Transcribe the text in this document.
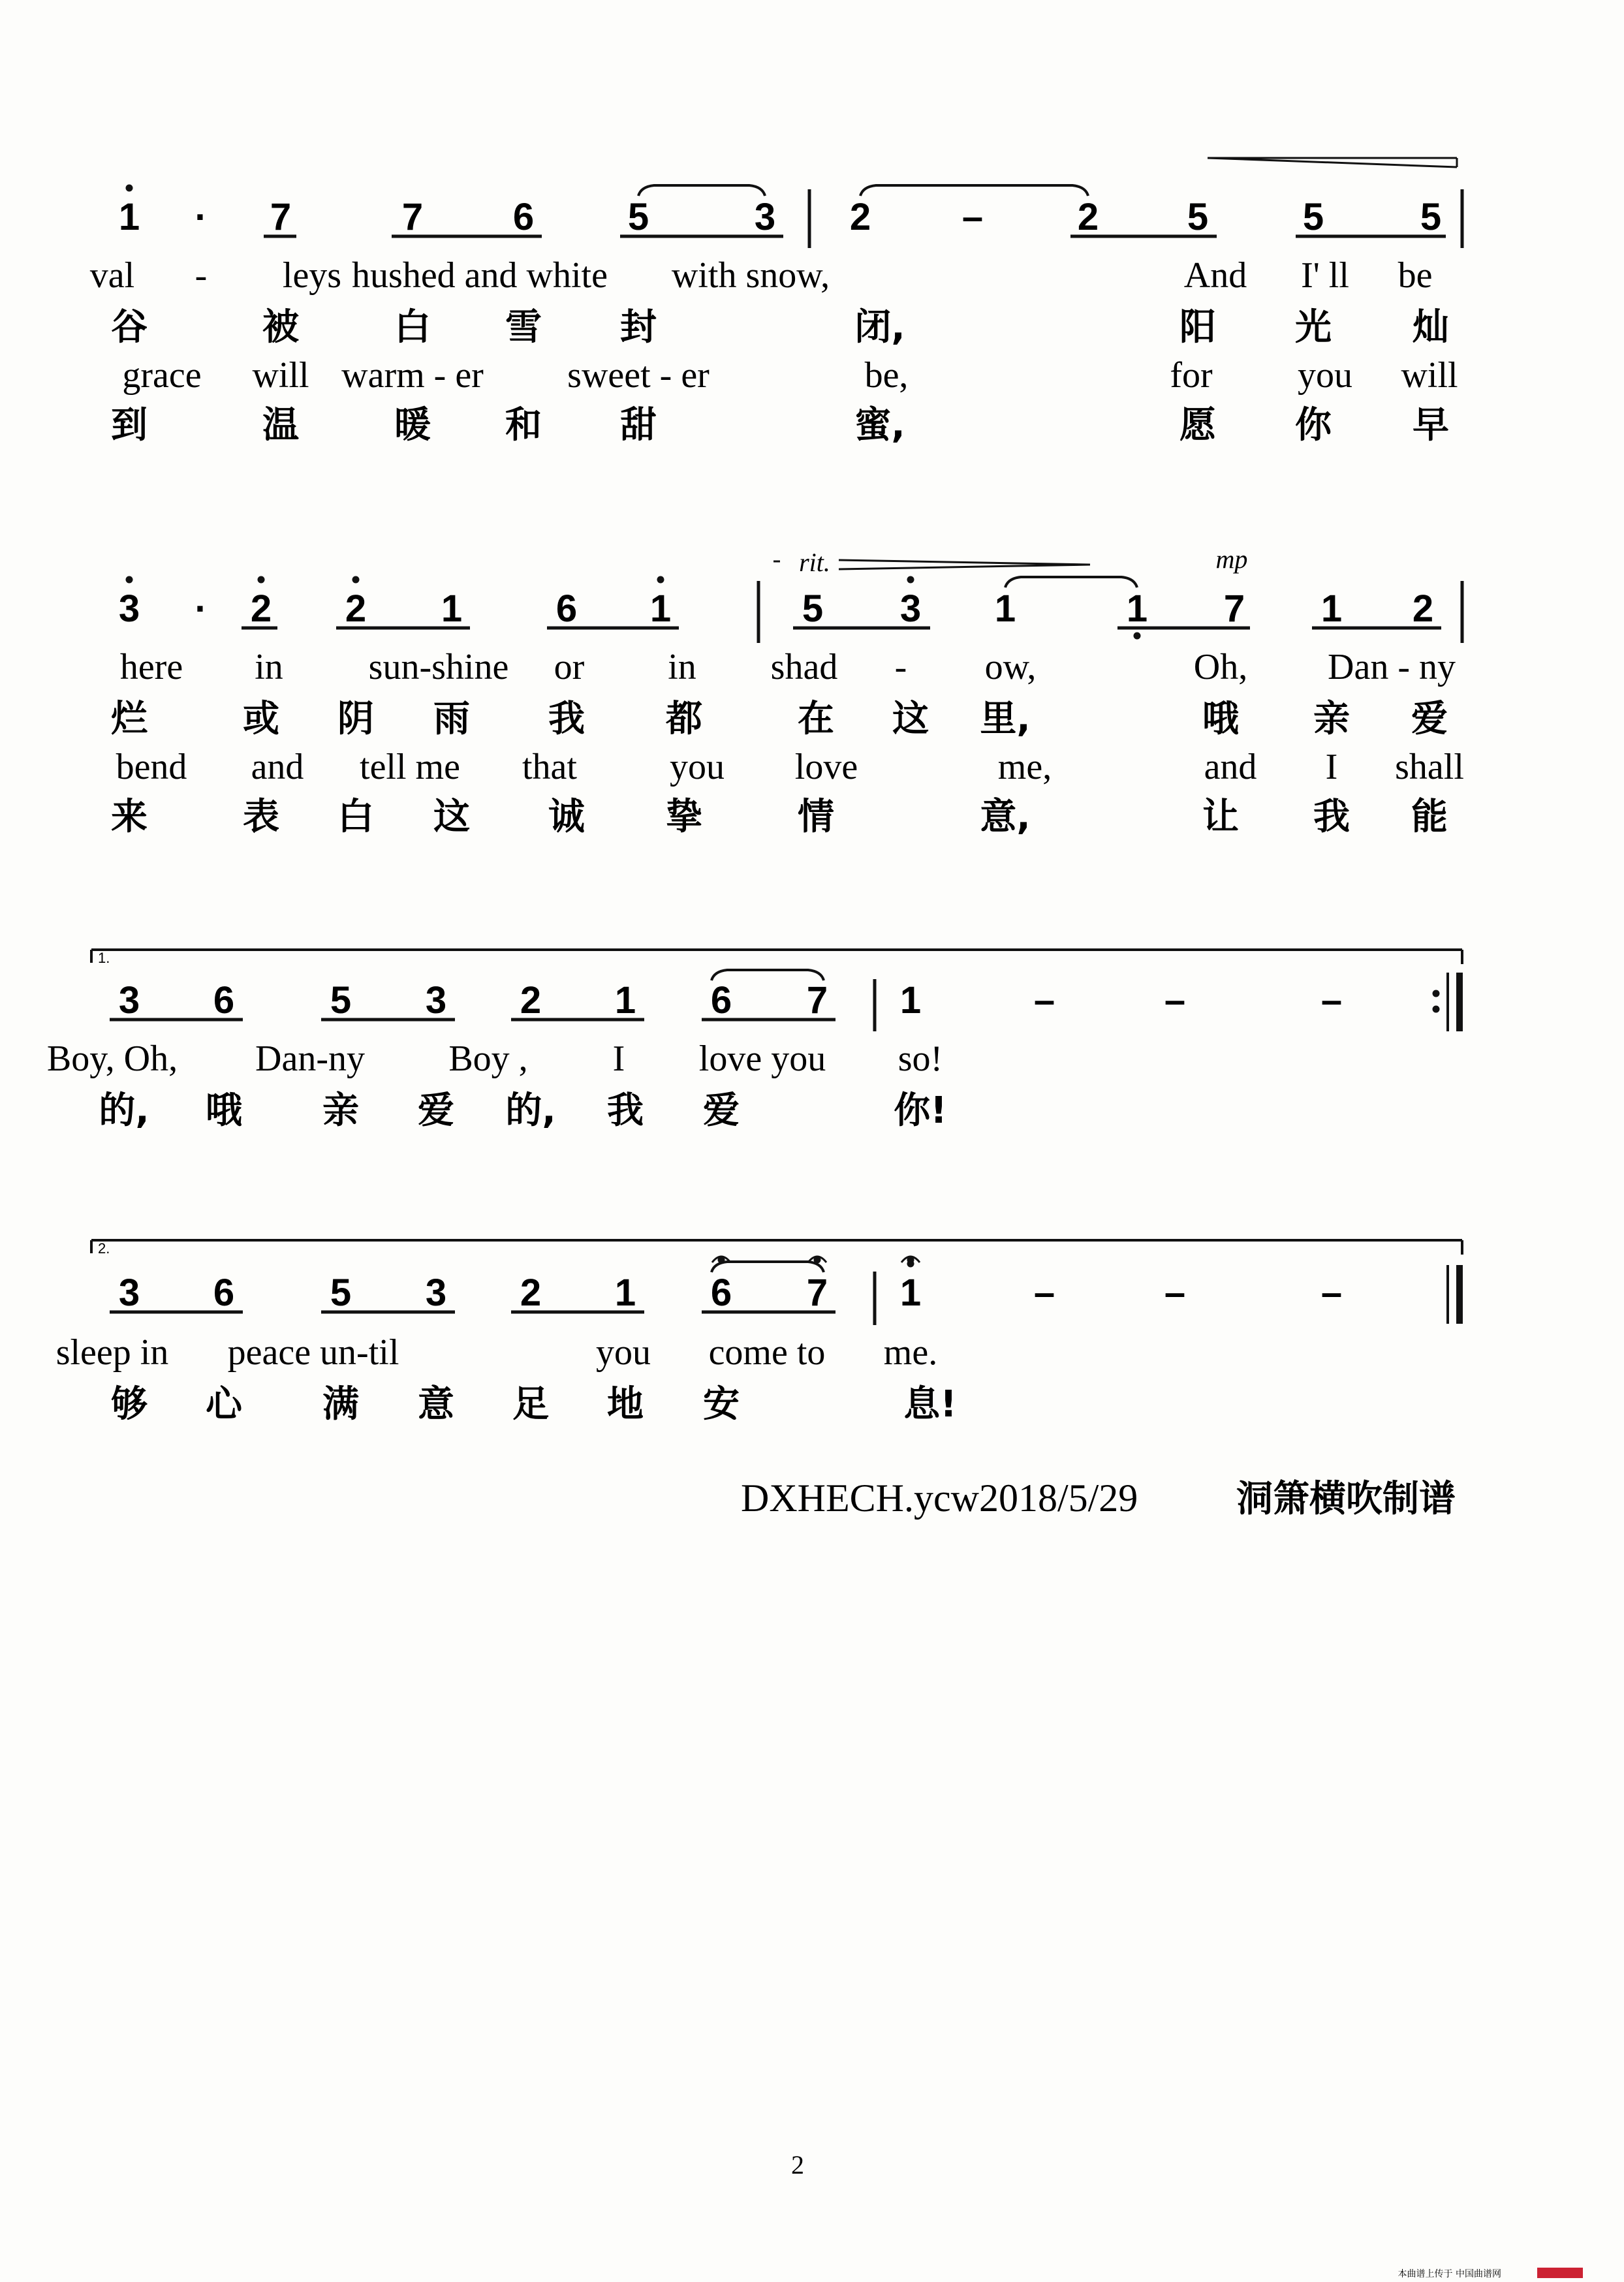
1 · 7	7 6 5	3 2 – 2 5 5	5
val - leys hushed and white with snow,	And I' ll be
谷	被	白 雪 封	闭,	阳 光 灿
grace will warm - er sweet - er	be,	for you will
到	温	暖 和 甜	蜜,	愿 你 早
3 · 2 2 1 6 1	5 3 1	1 7 1 2
here in sun-shine or in shad - ow,	Oh, Dan - ny
烂	或 阴 雨 我 都	在 这 里,	哦 亲 爱
bend and tell me that	you love	me,	and I shall
来	表 白 这 诚 挚	情	意,	让 我 能
3 6	5 3 2 1 6 7 1	–	–	–
Boy, Oh, Dan-ny Boy , I love you so!
的, 哦 亲 爱 的, 我 爱	你!
1.
3 6	5 3 2 1 6 7 1	–	–	–
sleep in peace un-til	you come to me.
够 心 满 意 足 地 安	息!
2.
rit.	mp
DXHECH.ycw2018/5/29	洞箫横吹制谱
2
本曲谱上传于 中国曲谱网
